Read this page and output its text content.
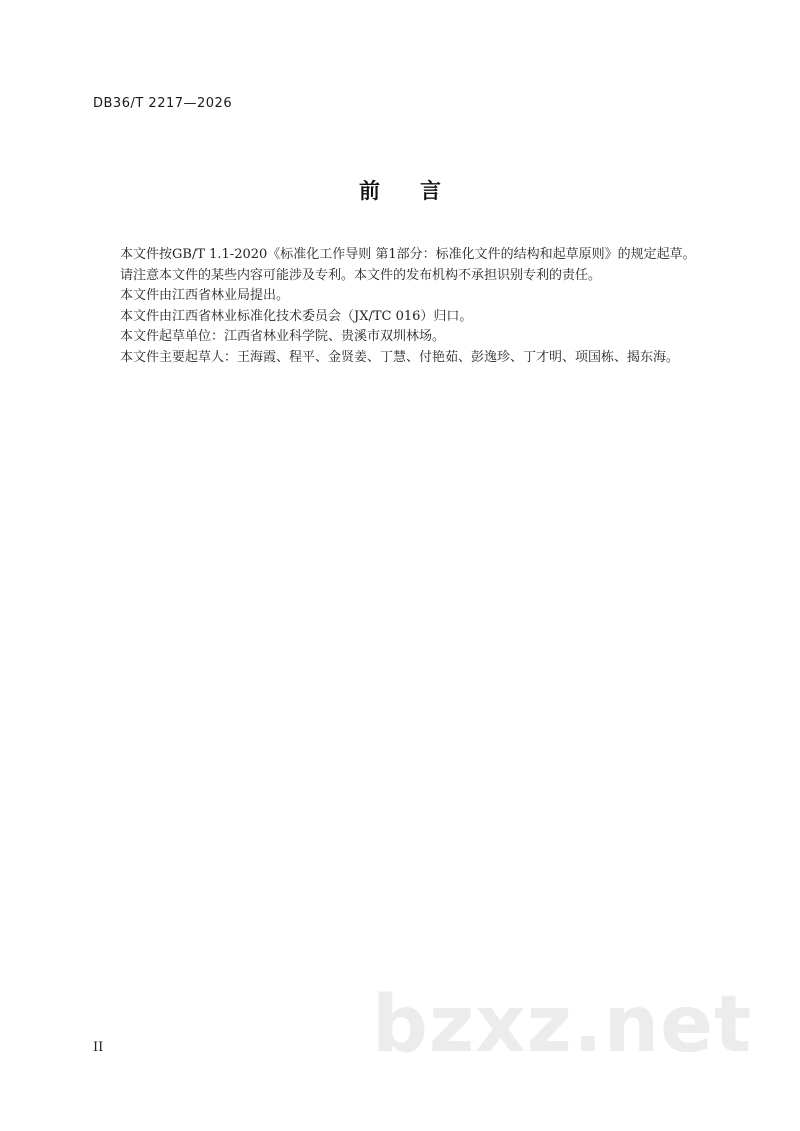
DB36/T 2217—2026
前言

本文件按GB/T 1.1-2020《标准化工作导则 第1部分：标准化文件的结构和起草原则》的规定起草。

请注意本文件的某些内容可能涉及专利。本文件的发布机构不承担识别专利的责任。

本文件由江西省林业局提出。

本文件由江西省林业标准化技术委员会（JX/TC 016）归口。

本文件起草单位：江西省林业科学院、贵溪市双圳林场。

本文件主要起草人：王海霞、程平、金贤姜、丁慧、付艳茹、彭逸珍、丁才明、项国栋、揭东海。

bzxz.net
II
